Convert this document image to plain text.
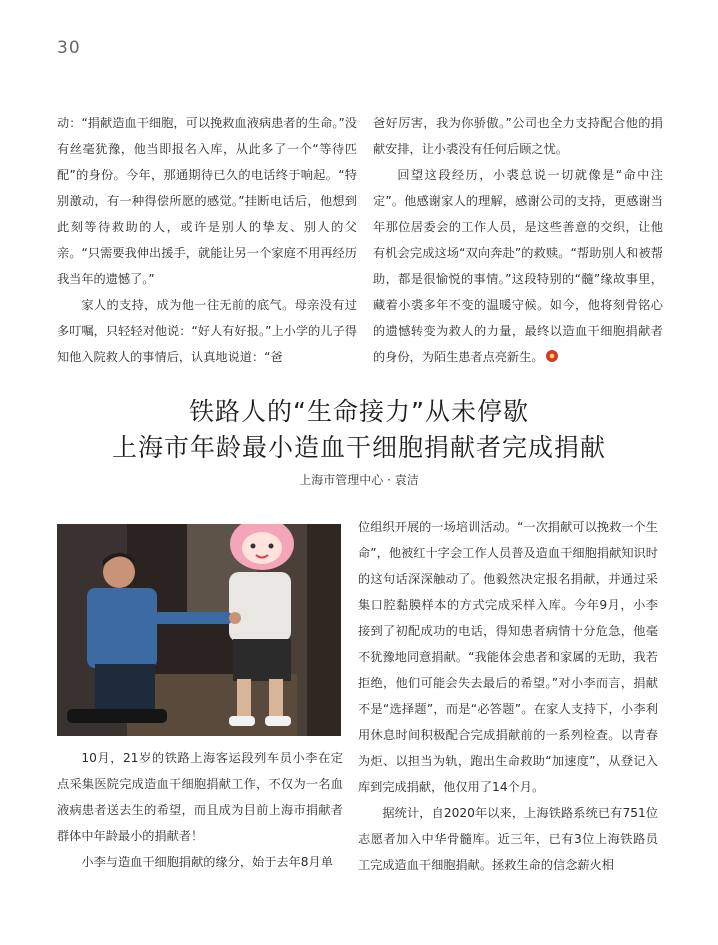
30

动：“捐献造血干细胞，可以挽救血液病患者的生命。”没有丝毫犹豫，他当即报名入库，从此多了一个“等待匹配”的身份。今年，那通期待已久的电话终于响起。“特别激动，有一种得偿所愿的感觉。”挂断电话后，他想到此刻等待救助的人，或许是别人的挚友、别人的父亲。“只需要我伸出援手，就能让另一个家庭不用再经历我当年的遗憾了。”

家人的支持，成为他一往无前的底气。母亲没有过多叮嘱，只轻轻对他说：“好人有好报。”上小学的儿子得知他入院救人的事情后，认真地说道：“爸

爸好厉害，我为你骄傲。”公司也全力支持配合他的捐献安排，让小裘没有任何后顾之忧。

回望这段经历，小裘总说一切就像是“命中注定”。他感谢家人的理解，感谢公司的支持，更感谢当年那位居委会的工作人员，是这些善意的交织，让他有机会完成这场“双向奔赴”的救赎。“帮助别人和被帮助，都是很愉悦的事情。”这段特别的“髓”缘故事里，藏着小裘多年不变的温暖守候。如今，他将刻骨铭心的遗憾转变为救人的力量，最终以造血干细胞捐献者的身份，为陌生患者点亮新生。

铁路人的“生命接力”从未停歇
上海市年龄最小造血干细胞捐献者完成捐献
上海市管理中心 · 袁洁

10月，21岁的铁路上海客运段列车员小李在定点采集医院完成造血干细胞捐献工作，不仅为一名血液病患者送去生的希望，而且成为目前上海市捐献者群体中年龄最小的捐献者！

小李与造血干细胞捐献的缘分，始于去年8月单

位组织开展的一场培训活动。“一次捐献可以挽救一个生命”，他被红十字会工作人员普及造血干细胞捐献知识时的这句话深深触动了。他毅然决定报名捐献，并通过采集口腔黏膜样本的方式完成采样入库。今年9月，小李接到了初配成功的电话，得知患者病情十分危急，他毫不犹豫地同意捐献。“我能体会患者和家属的无助，我若拒绝，他们可能会失去最后的希望。”对小李而言，捐献不是“选择题”，而是“必答题”。在家人支持下，小李利用休息时间积极配合完成捐献前的一系列检查。以青春为炬、以担当为轨，跑出生命救助“加速度”，从登记入库到完成捐献，他仅用了14个月。

据统计，自2020年以来，上海铁路系统已有751位志愿者加入中华骨髓库。近三年，已有3位上海铁路员工完成造血干细胞捐献。拯救生命的信念薪火相
